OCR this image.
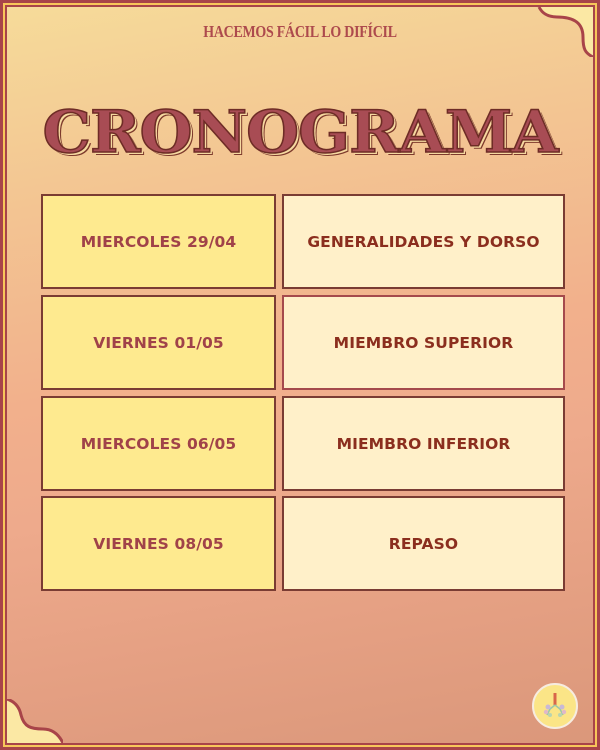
HACEMOS FÁCIL LO DIFÍCIL
CRONOGRAMA
MIERCOLES 29/04	GENERALIDADES Y DORSO
VIERNES 01/05	MIEMBRO SUPERIOR
MIERCOLES 06/05	MIEMBRO INFERIOR
VIERNES 08/05	REPASO
